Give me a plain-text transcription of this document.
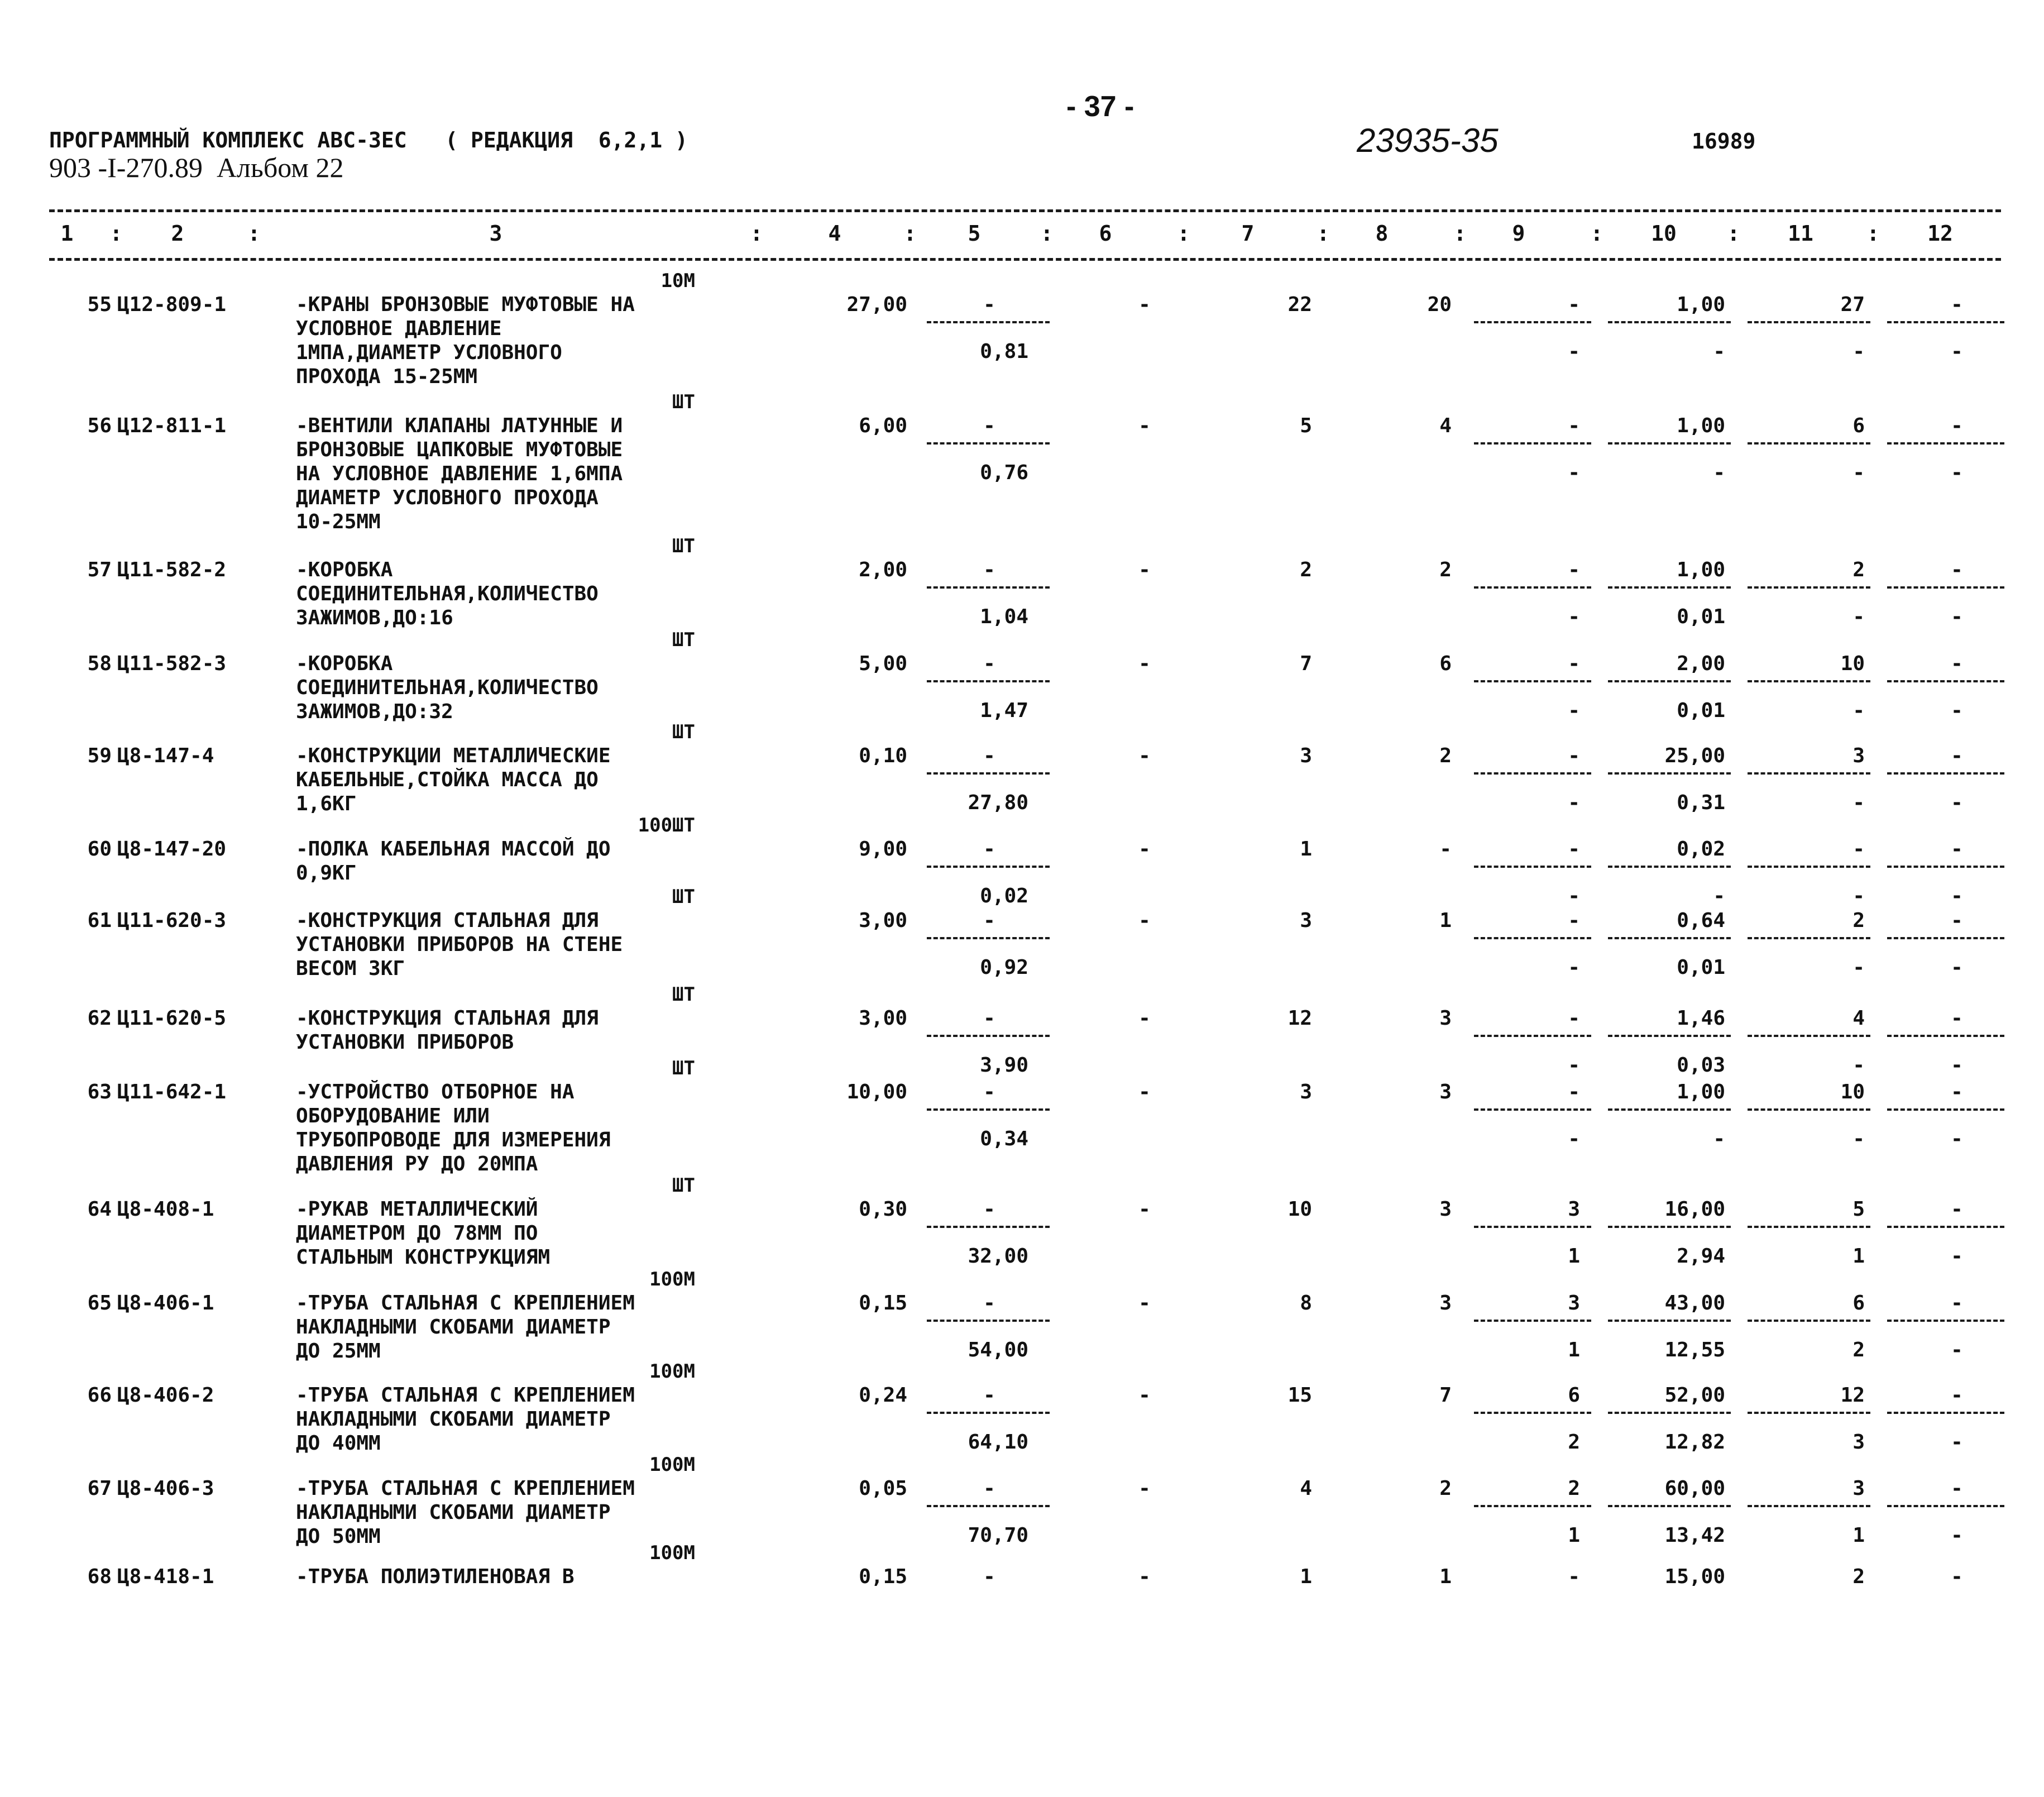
- 37 -
ПРОГРАММНЫЙ КОМПЛЕКС АВС-3ЕС   ( РЕДАКЦИЯ  6,2,1 )
903 -I-270.89  Альбом 22
23935-35	16989
1	2	3	4	5	6	7	8	9	10	11	12
:	:	:	:	:	:	:	:	:	:	:
10М
55 Ц12-809-1	-КРАНЫ БРОНЗОВЫЕ МУФТОВЫЕ НА
УСЛОВНОЕ ДАВЛЕНИЕ
1МПА,ДИАМЕТР УСЛОВНОГО
ПРОХОДА 15-25ММ
27,00	-	-	22	20	-	1,00	27	-
0,81	-	-	-	-
ШТ
56 Ц12-811-1	-ВЕНТИЛИ КЛАПАНЫ ЛАТУННЫЕ И
БРОНЗОВЫЕ ЦАПКОВЫЕ МУФТОВЫЕ
НА УСЛОВНОЕ ДАВЛЕНИЕ 1,6МПА
ДИАМЕТР УСЛОВНОГО ПРОХОДА
10-25ММ
6,00	-	-	5	4	-	1,00	6	-
0,76	-	-	-	-
ШТ
57 Ц11-582-2	-КОРОБКА
СОЕДИНИТЕЛЬНАЯ,КОЛИЧЕСТВО
ЗАЖИМОВ,ДО:16
2,00	-	-	2	2	-	1,00	2	-
1,04	-	0,01	-	-
ШТ
58 Ц11-582-3	-КОРОБКА
СОЕДИНИТЕЛЬНАЯ,КОЛИЧЕСТВО
ЗАЖИМОВ,ДО:32
5,00	-	-	7	6	-	2,00	10	-
1,47	-	0,01	-	-
ШТ
59 Ц8-147-4	-КОНСТРУКЦИИ МЕТАЛЛИЧЕСКИЕ
КАБЕЛЬНЫЕ,СТОЙКА МАССА ДО
1,6КГ
0,10	-	-	3	2	-	25,00	3	-
27,80	-	0,31	-	-
100ШТ
60 Ц8-147-20	-ПОЛКА КАБЕЛЬНАЯ МАССОЙ ДО
0,9КГ
9,00	-	-	1	-	-	0,02	-	-
0,02	-	-	-	-
ШТ
61 Ц11-620-3	-КОНСТРУКЦИЯ СТАЛЬНАЯ ДЛЯ
УСТАНОВКИ ПРИБОРОВ НА СТЕНЕ
ВЕСОМ 3КГ
3,00	-	-	3	1	-	0,64	2	-
0,92	-	0,01	-	-
ШТ
62 Ц11-620-5	-КОНСТРУКЦИЯ СТАЛЬНАЯ ДЛЯ
УСТАНОВКИ ПРИБОРОВ
3,00	-	-	12	3	-	1,46	4	-
3,90	-	0,03	-	-
ШТ
63 Ц11-642-1	-УСТРОЙСТВО ОТБОРНОЕ НА
ОБОРУДОВАНИЕ ИЛИ
ТРУБОПРОВОДЕ ДЛЯ ИЗМЕРЕНИЯ
ДАВЛЕНИЯ РУ ДО 20МПА
10,00	-	-	3	3	-	1,00	10	-
0,34	-	-	-	-
ШТ
64 Ц8-408-1	-РУКАВ МЕТАЛЛИЧЕСКИЙ
ДИАМЕТРОМ ДО 78ММ ПО
СТАЛЬНЫМ КОНСТРУКЦИЯМ
0,30	-	-	10	3	3	16,00	5	-
32,00	1	2,94	1	-
100М
65 Ц8-406-1	-ТРУБА СТАЛЬНАЯ С КРЕПЛЕНИЕМ
НАКЛАДНЫМИ СКОБАМИ ДИАМЕТР
ДО 25ММ
0,15	-	-	8	3	3	43,00	6	-
54,00	1	12,55	2	-
100М
66 Ц8-406-2	-ТРУБА СТАЛЬНАЯ С КРЕПЛЕНИЕМ
НАКЛАДНЫМИ СКОБАМИ ДИАМЕТР
ДО 40ММ
0,24	-	-	15	7	6	52,00	12	-
64,10	2	12,82	3	-
100М
67 Ц8-406-3	-ТРУБА СТАЛЬНАЯ С КРЕПЛЕНИЕМ
НАКЛАДНЫМИ СКОБАМИ ДИАМЕТР
ДО 50ММ
0,05	-	-	4	2	2	60,00	3	-
70,70	1	13,42	1	-
100М
68 Ц8-418-1	-ТРУБА ПОЛИЭТИЛЕНОВАЯ В	0,15	-	-	1	1	-	15,00	2	-
